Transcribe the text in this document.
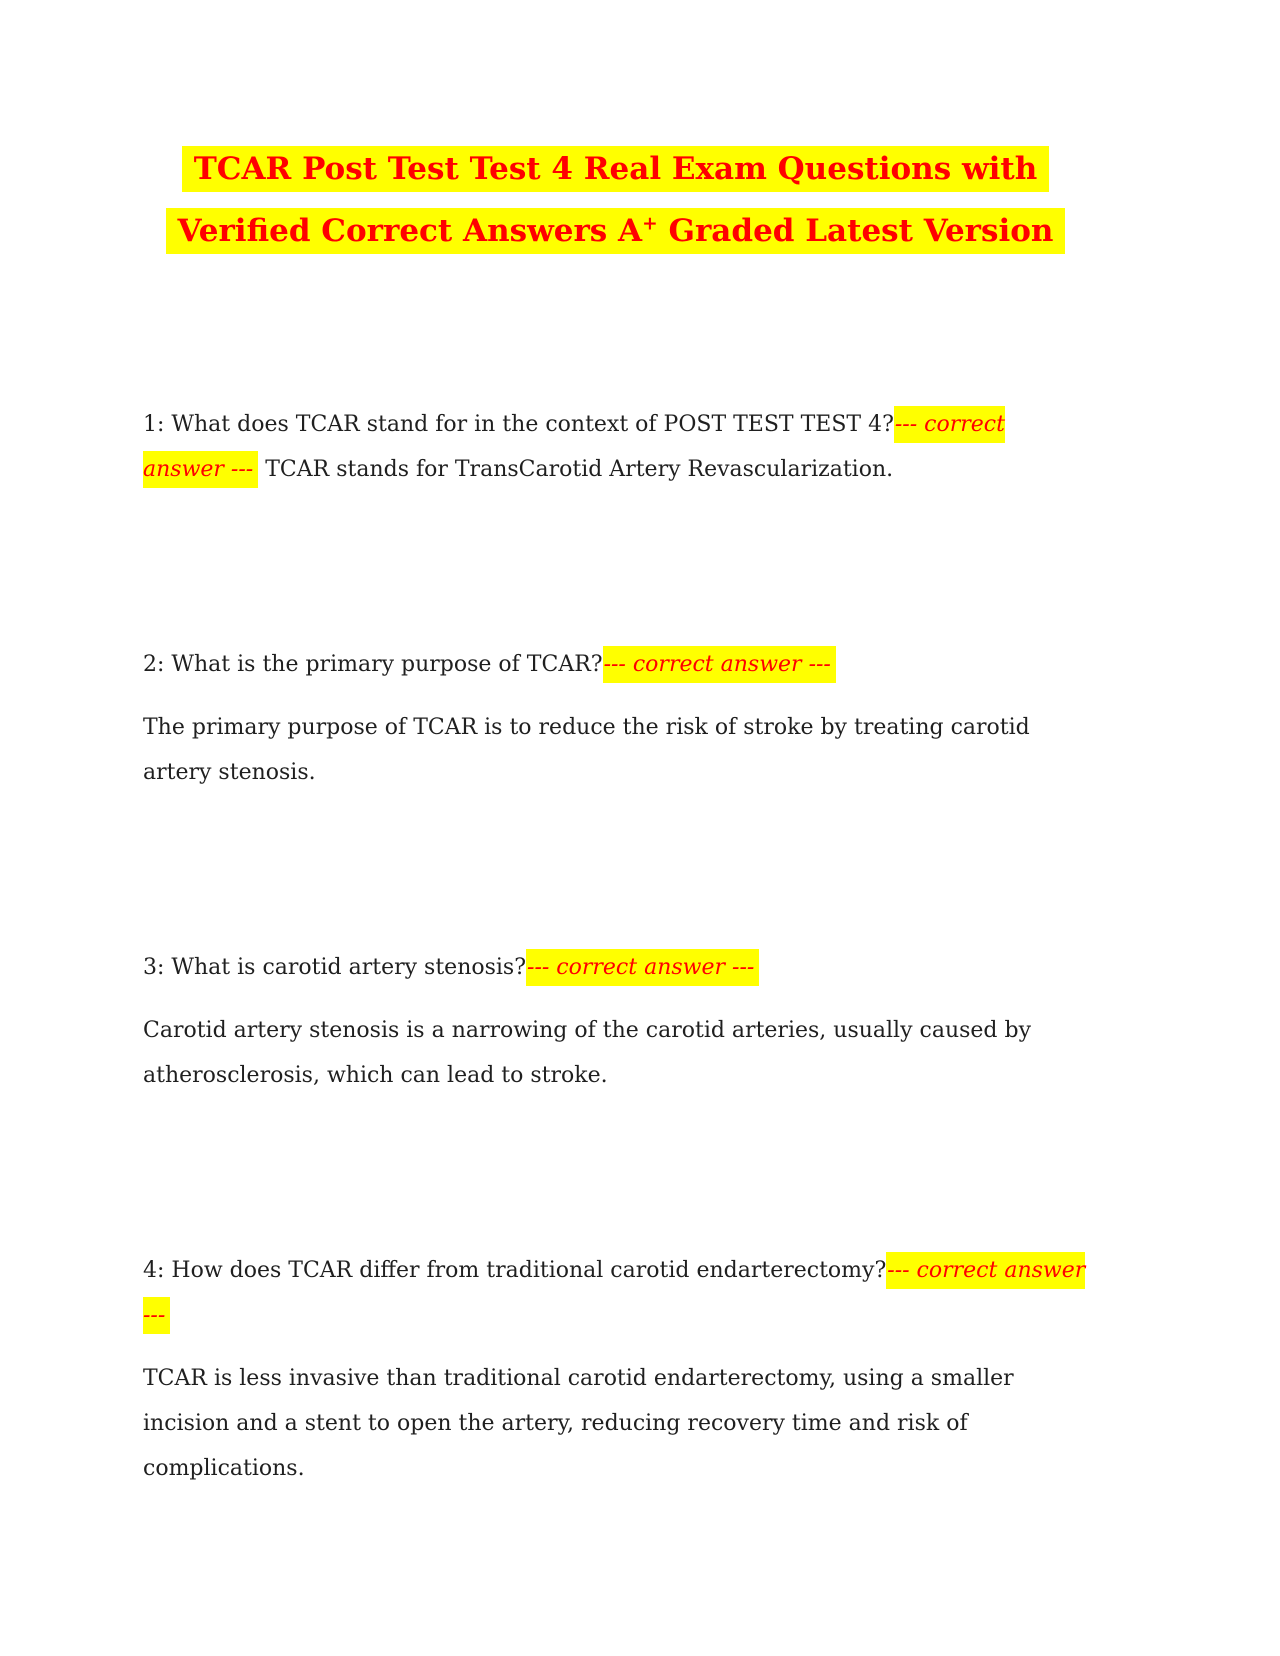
TCAR Post Test Test 4 Real Exam Questions with
Verified Correct Answers A+ Graded Latest Version

1: What does TCAR stand for in the context of POST TEST TEST 4?--- correct answer --- TCAR stands for TransCarotid Artery Revascularization.

2: What is the primary purpose of TCAR?--- correct answer ---

The primary purpose of TCAR is to reduce the risk of stroke by treating carotid artery stenosis.

3: What is carotid artery stenosis?--- correct answer ---

Carotid artery stenosis is a narrowing of the carotid arteries, usually caused by atherosclerosis, which can lead to stroke.

4: How does TCAR differ from traditional carotid endarterectomy?--- correct answer ---

TCAR is less invasive than traditional carotid endarterectomy, using a smaller incision and a stent to open the artery, reducing recovery time and risk of complications.
